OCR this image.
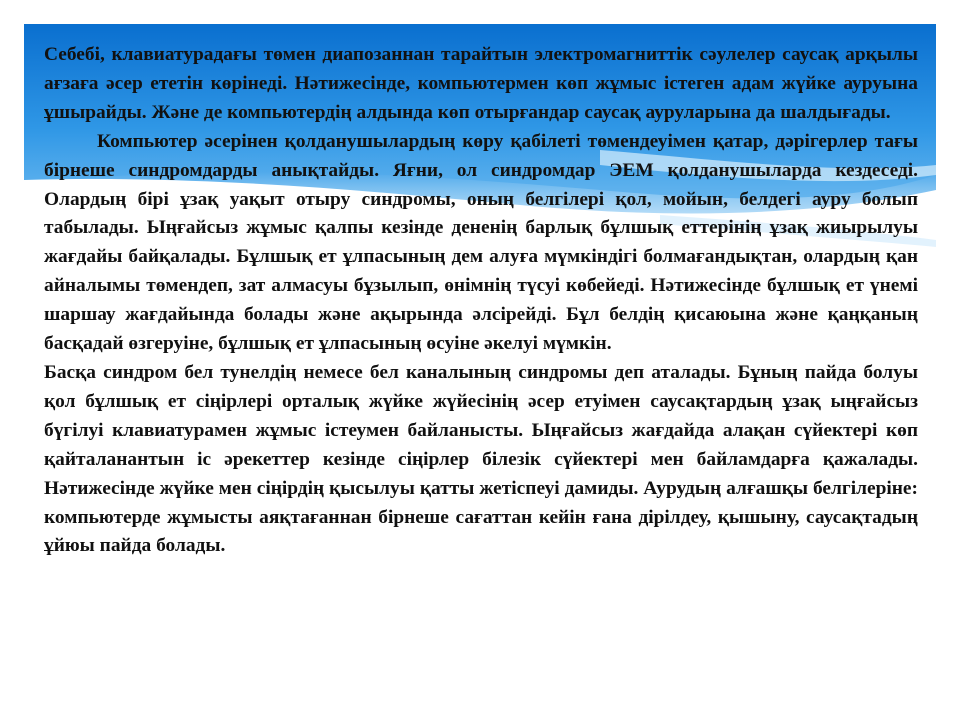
Себебі, клавиатурадағы төмен диапозаннан тарайтын электромагниттік сәулелер саусақ арқылы ағзаға әсер ететін көрінеді. Нәтижесінде, компьютермен көп жұмыс істеген адам жүйке ауруына ұшырайды. Және де компьютердің алдында көп отырғандар саусақ ауруларына да шалдығады.

Компьютер әсерінен қолданушылардың көру қабілеті төмендеуімен қатар, дәрігерлер тағы бірнеше синдромдарды анықтайды. Яғни, ол синдромдар ЭЕМ қолданушыларда кездеседі. Олардың бірі ұзақ уақыт отыру синдромы, оның белгілері қол, мойын, белдегі ауру болып табылады. Ыңғайсыз жұмыс қалпы кезінде дененің барлық бұлшық еттерінің ұзақ жиырылуы жағдайы байқалады. Бұлшық ет ұлпасының дем алуға мүмкіндігі болмағандықтан, олардың қан айналымы төмендеп, зат алмасуы бұзылып, өнімнің түсуі көбейеді. Нәтижесінде бұлшық ет үнемі шаршау жағдайында болады және ақырында әлсірейді. Бұл белдің қисаюына және қаңқаның басқадай өзгеруіне, бұлшық ет ұлпасының өсуіне әкелуі мүмкін.

Басқа синдром бел тунелдің немесе бел каналының синдромы деп аталады. Бұның пайда болуы қол бұлшық ет сіңірлері орталық жүйке жүйесінің әсер етуімен саусақтардың ұзақ ыңғайсыз бүгілуі клавиатурамен жұмыс істеумен байланысты. Ыңғайсыз жағдайда алақан сүйектері көп қайталанантын іс әрекеттер кезінде сіңірлер білезік сүйектері мен байламдарға қажалады. Нәтижесінде жүйке мен сіңірдің қысылуы қатты жетіспеуі дамиды. Аурудың алғашқы белгілеріне: компьютерде жұмысты аяқтағаннан бірнеше сағаттан кейін ғана дірілдеу, қышыну, саусақтадың ұйюы пайда болады.
